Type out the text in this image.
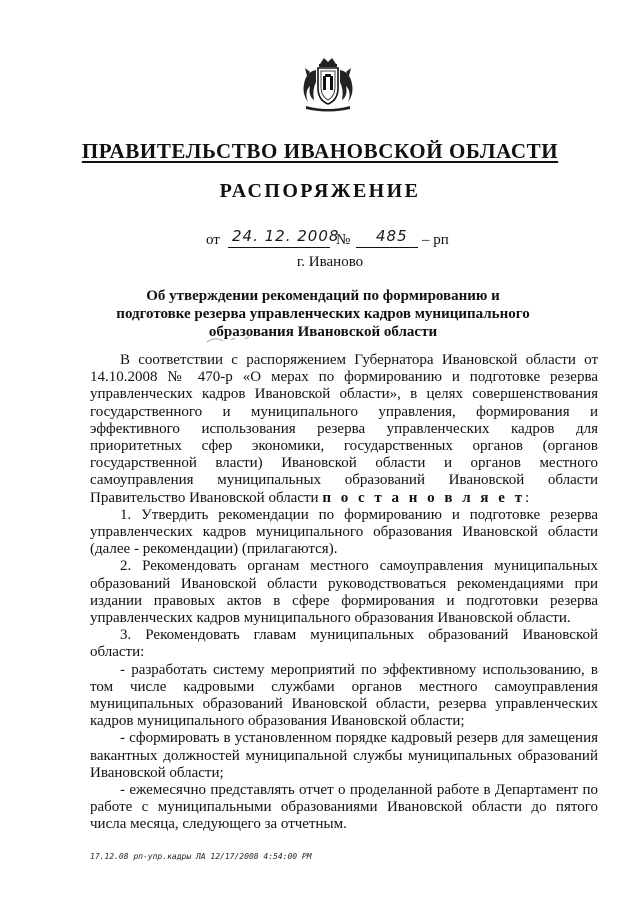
ПРАВИТЕЛЬСТВО ИВАНОВСКОЙ ОБЛАСТИ
РАСПОРЯЖЕНИЕ
от 24. 12. 2008
№ 485 – рп
г. Иваново
Об утверждении рекомендаций по формированию и подготовке резерва управленческих кадров муниципального образования Ивановской области

В соответствии с распоряжением Губернатора Ивановской области от 14.10.2008 № 470-р «О мерах по формированию и подготовке резерва управленческих кадров Ивановской области», в целях совершенствования государственного и муниципального управления, формирования и эффективного использования резерва управленческих кадров для приоритетных сфер экономики, государственных органов (органов государственной власти) Ивановской области и органов местного самоуправления муниципальных образований Ивановской области Правительство Ивановской области п о с т а н о в л я е т:

1. Утвердить рекомендации по формированию и подготовке резерва управленческих кадров муниципального образования Ивановской области (далее - рекомендации) (прилагаются).

2. Рекомендовать органам местного самоуправления муниципальных образований Ивановской области руководствоваться рекомендациями при издании правовых актов в сфере формирования и подготовки резерва управленческих кадров муниципального образования Ивановской области.

3. Рекомендовать главам муниципальных образований Ивановской области:

- разработать систему мероприятий по эффективному использованию, в том числе кадровыми службами органов местного самоуправления муниципальных образований Ивановской области, резерва управленческих кадров муниципального образования Ивановской области;

- сформировать в установленном порядке кадровый резерв для замещения вакантных должностей муниципальной службы муниципальных образований Ивановской области;

- ежемесячно представлять отчет о проделанной работе в Департамент по работе с муниципальными образованиями Ивановской области до пятого числа месяца, следующего за отчетным.

17.12.08 рп-упр.кадры ЛА 12/17/2008 4:54:00 PM
